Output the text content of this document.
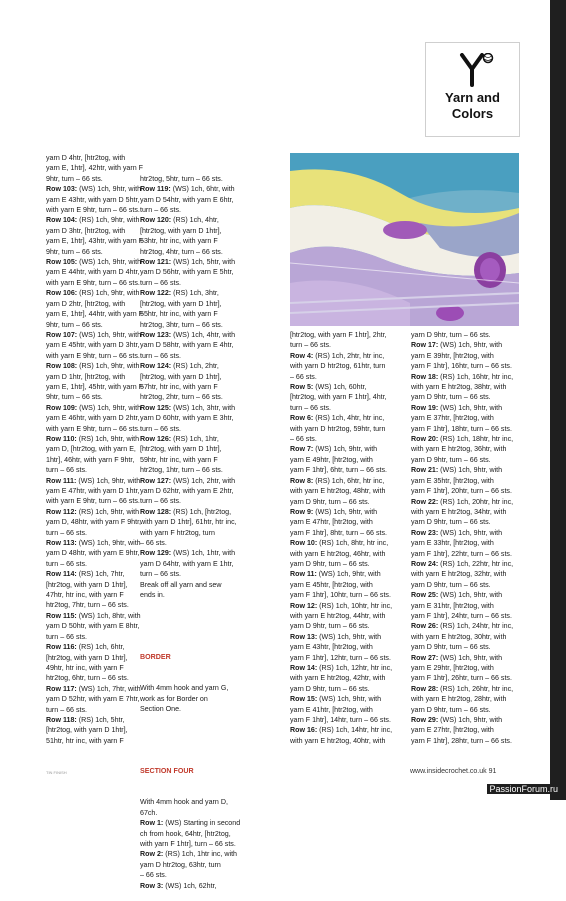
Yarn and
Colors
yarn D 4htr, [htr2tog, with
yarn E, 1htr], 42htr, with yarn F
9htr, turn – 66 sts.
Row 103: (WS) 1ch, 9htr, with
yarn E 43htr, with yarn D 5htr,
with yarn E 9htr, turn – 66 sts.
Row 104: (RS) 1ch, 9htr, with
yarn D 3htr, [htr2tog, with
yarn E, 1htr], 43htr, with yarn F
9htr, turn – 66 sts.
Row 105: (WS) 1ch, 9htr, with
yarn E 44htr, with yarn D 4htr,
with yarn E 9htr, turn – 66 sts.
Row 106: (RS) 1ch, 9htr, with
yarn D 2htr, [htr2tog, with
yarn E, 1htr], 44htr, with yarn F
9htr, turn – 66 sts.
Row 107: (WS) 1ch, 9htr, with
yarn E 45htr, with yarn D 3htr,
with yarn E 9htr, turn – 66 sts.
Row 108: (RS) 1ch, 9htr, with
yarn D 1htr, [htr2tog, with
yarn E, 1htr], 45htr, with yarn F
9htr, turn – 66 sts.
Row 109: (WS) 1ch, 9htr, with
yarn E 46htr, with yarn D 2htr,
with yarn E 9htr, turn – 66 sts.
Row 110: (RS) 1ch, 9htr, with
yarn D, [htr2tog, with yarn E,
1htr], 46htr, with yarn F 9htr,
turn – 66 sts.
Row 111: (WS) 1ch, 9htr, with
yarn E 47htr, with yarn D 1htr,
with yarn E 9htr, turn – 66 sts.
Row 112: (RS) 1ch, 9htr, with
yarn D, 48htr, with yarn F 9htr,
turn – 66 sts.
Row 113: (WS) 1ch, 9htr, with
yarn D 48htr, with yarn E 9htr,
turn – 66 sts.
Row 114: (RS) 1ch, 7htr,
[htr2tog, with yarn D 1htr],
47htr, htr inc, with yarn F
htr2tog, 7htr, turn – 66 sts.
Row 115: (WS) 1ch, 8htr, with
yarn D 50htr, with yarn E 8htr,
turn – 66 sts.
Row 116: (RS) 1ch, 6htr,
[htr2tog, with yarn D 1htr],
49htr, htr inc, with yarn F
htr2tog, 6htr, turn – 66 sts.
Row 117: (WS) 1ch, 7htr, with
yarn D 52htr, with yarn E 7htr,
turn – 66 sts.
Row 118: (RS) 1ch, 5htr,
[htr2tog, with yarn D 1htr],
51htr, htr inc, with yarn F

htr2tog, 5htr, turn – 66 sts.
Row 119: (WS) 1ch, 6htr, with
yarn D 54htr, with yarn E 6htr,
turn – 66 sts.
Row 120: (RS) 1ch, 4htr,
[htr2tog, with yarn D 1htr],
53htr, htr inc, with yarn F
htr2tog, 4htr, turn – 66 sts.
Row 121: (WS) 1ch, 5htr, with
yarn D 56htr, with yarn E 5htr,
turn – 66 sts.
Row 122: (RS) 1ch, 3htr,
[htr2tog, with yarn D 1htr],
55htr, htr inc, with yarn F
htr2tog, 3htr, turn – 66 sts.
Row 123: (WS) 1ch, 4htr, with
yarn D 58htr, with yarn E 4htr,
turn – 66 sts.
Row 124: (RS) 1ch, 2htr,
[htr2tog, with yarn D 1htr],
57htr, htr inc, with yarn F
htr2tog, 2htr, turn – 66 sts.
Row 125: (WS) 1ch, 3htr, with
yarn D 60htr, with yarn E 3htr,
turn – 66 sts.
Row 126: (RS) 1ch, 1htr,
[htr2tog, with yarn D 1htr],
59htr, htr inc, with yarn F
htr2tog, 1htr, turn – 66 sts.
Row 127: (WS) 1ch, 2htr, with
yarn D 62htr, with yarn E 2htr,
turn – 66 sts.
Row 128: (RS) 1ch, [htr2tog,
with yarn D 1htr], 61htr, htr inc,
with yarn F htr2tog, turn
– 66 sts.
Row 129: (WS) 1ch, 1htr, with
yarn D 64htr, with yarn E 1htr,
turn – 66 sts.
Break off all yarn and sew
ends in.

BORDER

With 4mm hook and yarn G,
work as for Border on
Section One.

SECTION FOUR

With 4mm hook and yarn D,
67ch.
Row 1: (WS) Starting in second
ch from hook, 64htr, [htr2tog,
with yarn F 1htr], turn – 66 sts.
Row 2: (RS) 1ch, 1htr inc, with
yarn D htr2tog, 63htr, turn
– 66 sts.
Row 3: (WS) 1ch, 62htr,

[htr2tog, with yarn F 1htr], 2htr,
turn – 66 sts.
Row 4: (RS) 1ch, 2htr, htr inc,
with yarn D htr2tog, 61htr, turn
– 66 sts.
Row 5: (WS) 1ch, 60htr,
[htr2tog, with yarn F 1htr], 4htr,
turn – 66 sts.
Row 6: (RS) 1ch, 4htr, htr inc,
with yarn D htr2tog, 59htr, turn
– 66 sts.
Row 7: (WS) 1ch, 9htr, with
yarn E 49htr, [htr2tog, with
yarn F 1htr], 6htr, turn – 66 sts.
Row 8: (RS) 1ch, 6htr, htr inc,
with yarn E htr2tog, 48htr, with
yarn D 9htr, turn – 66 sts.
Row 9: (WS) 1ch, 9htr, with
yarn E 47htr, [htr2tog, with
yarn F 1htr], 8htr, turn – 66 sts.
Row 10: (RS) 1ch, 8htr, htr inc,
with yarn E htr2tog, 46htr, with
yarn D 9htr, turn – 66 sts.
Row 11: (WS) 1ch, 9htr, with
yarn E 45htr, [htr2tog, with
yarn F 1htr], 10htr, turn – 66 sts.
Row 12: (RS) 1ch, 10htr, htr inc,
with yarn E htr2tog, 44htr, with
yarn D 9htr, turn – 66 sts.
Row 13: (WS) 1ch, 9htr, with
yarn E 43htr, [htr2tog, with
yarn F 1htr], 12htr, turn – 66 sts.
Row 14: (RS) 1ch, 12htr, htr inc,
with yarn E htr2tog, 42htr, with
yarn D 9htr, turn – 66 sts.
Row 15: (WS) 1ch, 9htr, with
yarn E 41htr, [htr2tog, with
yarn F 1htr], 14htr, turn – 66 sts.
Row 16: (RS) 1ch, 14htr, htr inc,
with yarn E htr2tog, 40htr, with
yarn D 9htr, turn – 66 sts.
Row 17: (WS) 1ch, 9htr, with
yarn E 39htr, [htr2tog, with
yarn F 1htr], 16htr, turn – 66 sts.
Row 18: (RS) 1ch, 16htr, htr inc,
with yarn E htr2tog, 38htr, with
yarn D 9htr, turn – 66 sts.
Row 19: (WS) 1ch, 9htr, with
yarn E 37htr, [htr2tog, with
yarn F 1htr], 18htr, turn – 66 sts.
Row 20: (RS) 1ch, 18htr, htr inc,
with yarn E htr2tog, 36htr, with
yarn D 9htr, turn – 66 sts.
Row 21: (WS) 1ch, 9htr, with
yarn E 35htr, [htr2tog, with
yarn F 1htr], 20htr, turn – 66 sts.
Row 22: (RS) 1ch, 20htr, htr inc,
with yarn E htr2tog, 34htr, with
yarn D 9htr, turn – 66 sts.
Row 23: (WS) 1ch, 9htr, with
yarn E 33htr, [htr2tog, with
yarn F 1htr], 22htr, turn – 66 sts.
Row 24: (RS) 1ch, 22htr, htr inc,
with yarn E htr2tog, 32htr, with
yarn D 9htr, turn – 66 sts.
Row 25: (WS) 1ch, 9htr, with
yarn E 31htr, [htr2tog, with
yarn F 1htr], 24htr, turn – 66 sts.
Row 26: (RS) 1ch, 24htr, htr inc,
with yarn E htr2tog, 30htr, with
yarn D 9htr, turn – 66 sts.
Row 27: (WS) 1ch, 9htr, with
yarn E 29htr, [htr2tog, with
yarn F 1htr], 26htr, turn – 66 sts.
Row 28: (RS) 1ch, 26htr, htr inc,
with yarn E htr2tog, 28htr, with
yarn D 9htr, turn – 66 sts.
Row 29: (WS) 1ch, 9htr, with
yarn E 27htr, [htr2tog, with
yarn F 1htr], 28htr, turn – 66 sts.
TIN FINISH	www.insidecrochet.co.uk 91
PassionForum.ru
